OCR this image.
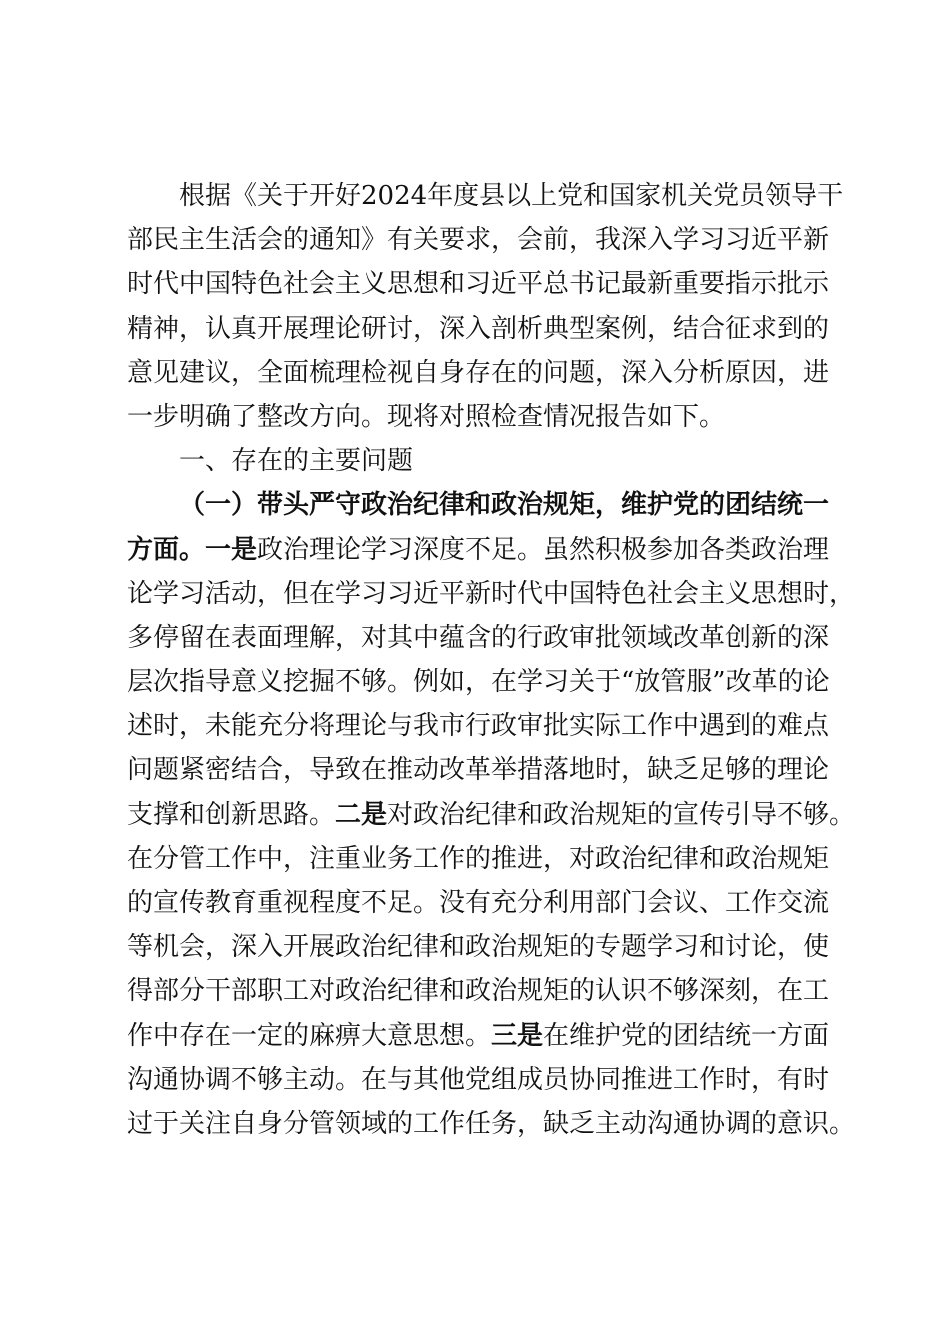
根据《关于开好2024年度县以上党和国家机关党员领导干
部民主生活会的通知》有关要求，会前，我深入学习习近平新
时代中国特色社会主义思想和习近平总书记最新重要指示批示
精神，认真开展理论研讨，深入剖析典型案例，结合征求到的
意见建议，全面梳理检视自身存在的问题，深入分析原因，进
一步明确了整改方向。现将对照检查情况报告如下。
一、存在的主要问题
（一）带头严守政治纪律和政治规矩，维护党的团结统一
方面。一是政治理论学习深度不足。虽然积极参加各类政治理
论学习活动，但在学习习近平新时代中国特色社会主义思想时，
多停留在表面理解，对其中蕴含的行政审批领域改革创新的深
层次指导意义挖掘不够。例如，在学习关于“放管服”改革的论
述时，未能充分将理论与我市行政审批实际工作中遇到的难点
问题紧密结合，导致在推动改革举措落地时，缺乏足够的理论
支撑和创新思路。二是对政治纪律和政治规矩的宣传引导不够。
在分管工作中，注重业务工作的推进，对政治纪律和政治规矩
的宣传教育重视程度不足。没有充分利用部门会议、工作交流
等机会，深入开展政治纪律和政治规矩的专题学习和讨论，使
得部分干部职工对政治纪律和政治规矩的认识不够深刻，在工
作中存在一定的麻痹大意思想。三是在维护党的团结统一方面
沟通协调不够主动。在与其他党组成员协同推进工作时，有时
过于关注自身分管领域的工作任务，缺乏主动沟通协调的意识。
